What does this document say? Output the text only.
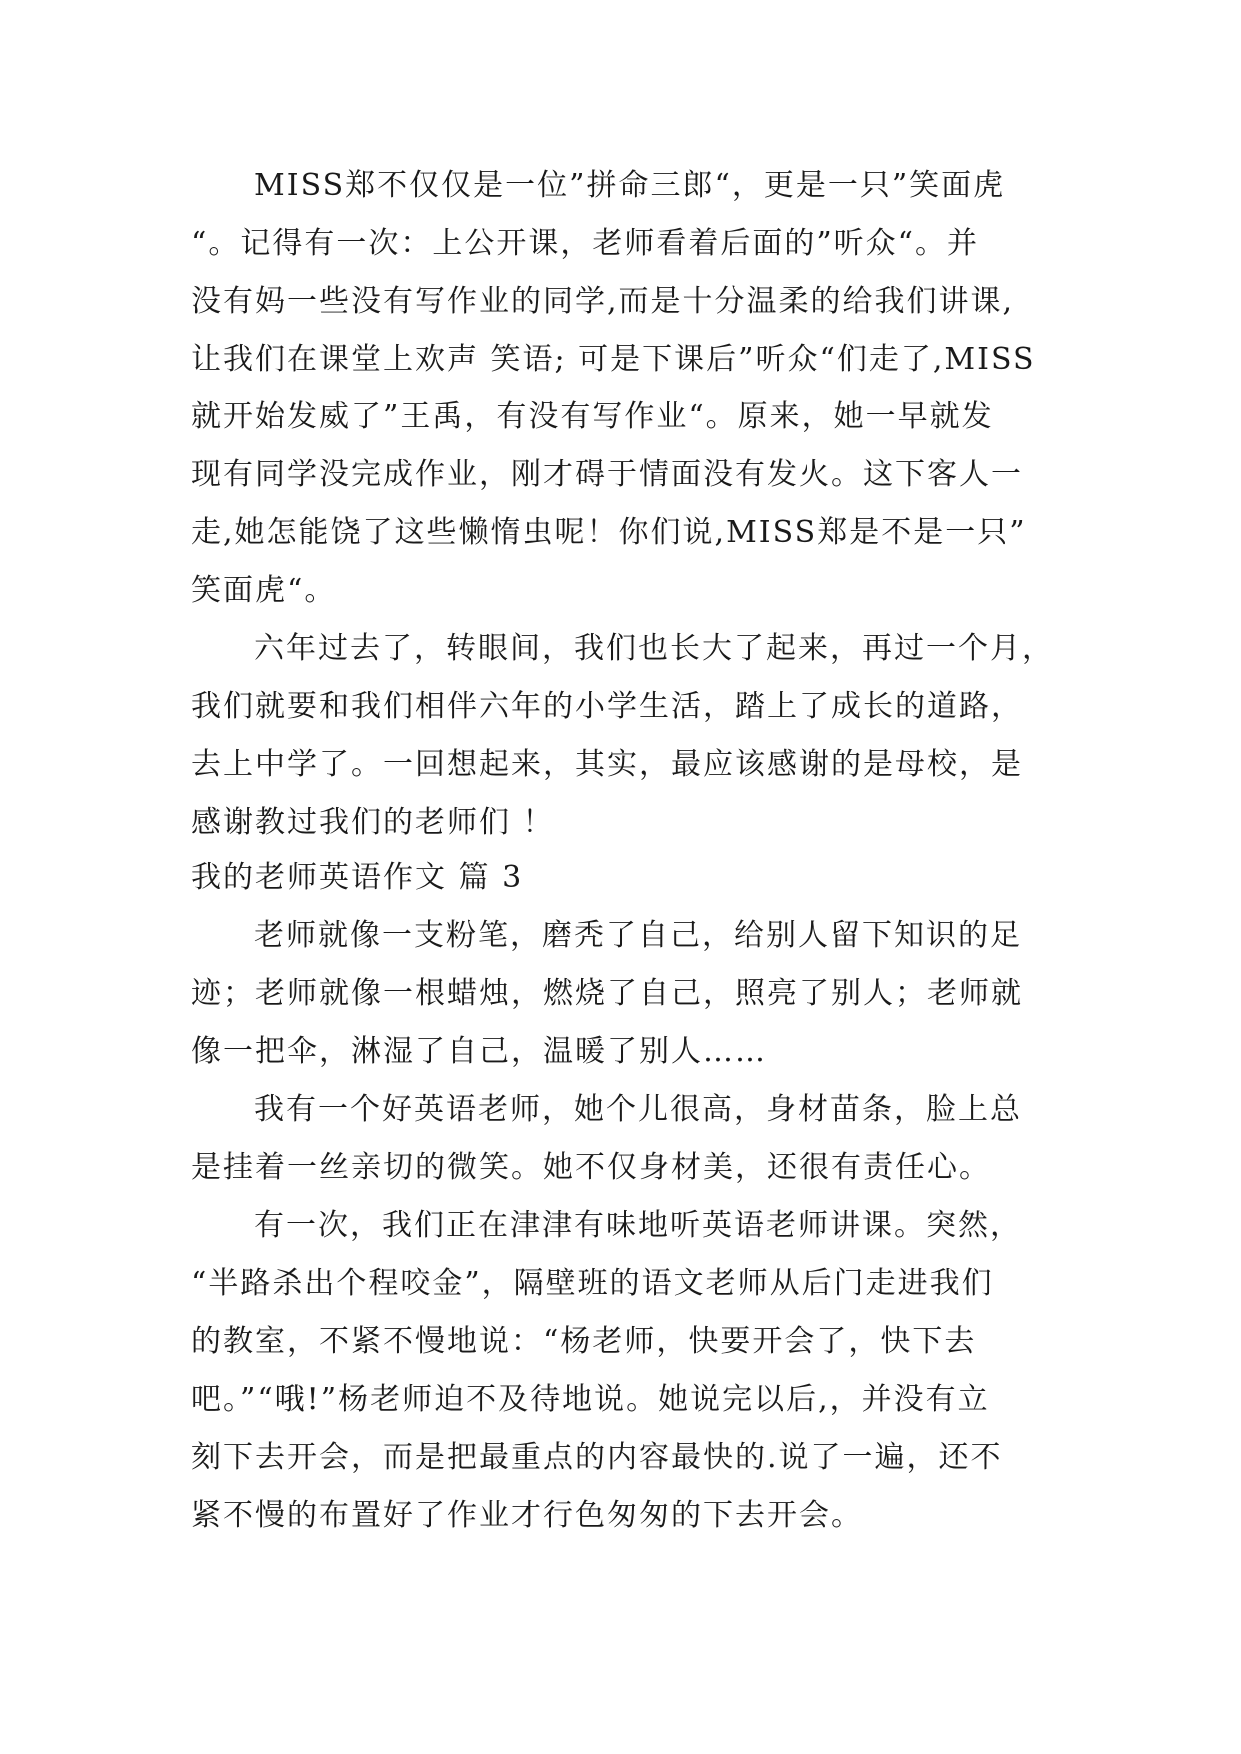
MISS郑不仅仅是一位”拼命三郎“，更是一只”笑面虎
“。记得有一次：上公开课，老师看着后面的”听众“。并
没有妈一些没有写作业的同学,而是十分温柔的给我们讲课,
让我们在课堂上欢声 笑语; 可是下课后”听众“们走了,MISS
就开始发威了”王禹，有没有写作业“。原来，她一早就发
现有同学没完成作业，刚才碍于情面没有发火。这下客人一
走,她怎能饶了这些懒惰虫呢！你们说,MISS郑是不是一只”
笑面虎“。
六年过去了，转眼间，我们也长大了起来，再过一个月，
我们就要和我们相伴六年的小学生活，踏上了成长的道路，
去上中学了。一回想起来，其实，最应该感谢的是母校，是
感谢教过我们的老师们 ！
我的老师英语作文 篇 3
老师就像一支粉笔，磨秃了自己，给别人留下知识的足
迹；老师就像一根蜡烛，燃烧了自己，照亮了别人；老师就
像一把伞，淋湿了自己，温暖了别人……
我有一个好英语老师，她个儿很高，身材苗条，脸上总
是挂着一丝亲切的微笑。她不仅身材美，还很有责任心。
有一次，我们正在津津有味地听英语老师讲课。突然，
“半路杀出个程咬金”，隔壁班的语文老师从后门走进我们
的教室，不紧不慢地说：“杨老师，快要开会了，快下去
吧。”“哦!”杨老师迫不及待地说。她说完以后,，并没有立
刻下去开会，而是把最重点的内容最快的.说了一遍，还不
紧不慢的布置好了作业才行色匆匆的下去开会。
